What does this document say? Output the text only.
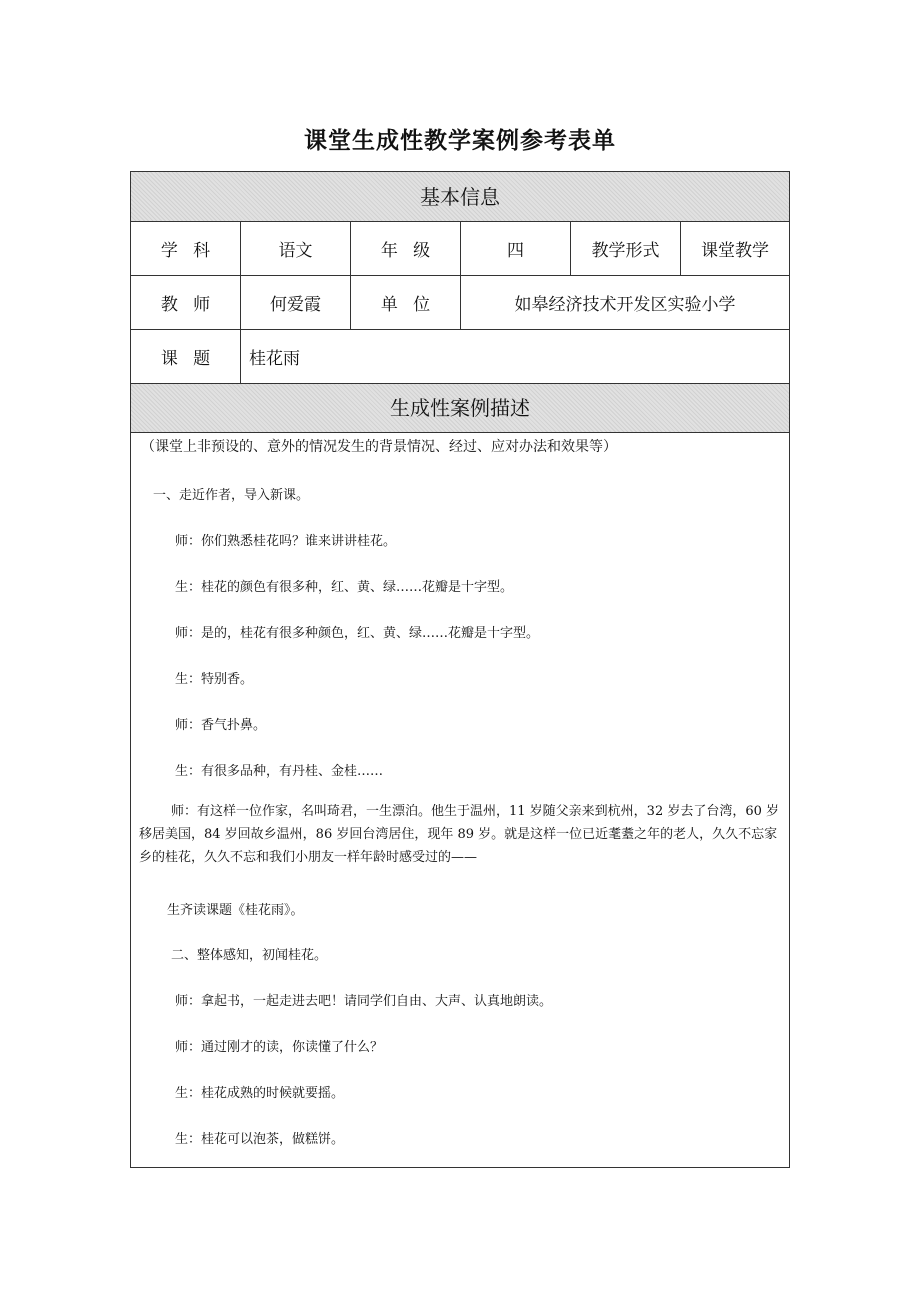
课堂生成性教学案例参考表单
基本信息
学科	语文	年级	四	教学形式	课堂教学
教师	何爱霞	单位	如皋经济技术开发区实验小学
课题	桂花雨
生成性案例描述

（课堂上非预设的、意外的情况发生的背景情况、经过、应对办法和效果等）

一、走近作者，导入新课。

师：你们熟悉桂花吗？谁来讲讲桂花。

生：桂花的颜色有很多种，红、黄、绿……花瓣是十字型。

师：是的，桂花有很多种颜色，红、黄、绿……花瓣是十字型。

生：特别香。

师：香气扑鼻。

生：有很多品种，有丹桂、金桂……

师：有这样一位作家，名叫琦君，一生漂泊。他生于温州，11 岁随父亲来到杭州，32 岁去了台湾，60 岁移居美国，84 岁回故乡温州，86 岁回台湾居住，现年 89 岁。就是这样一位已近耄耋之年的老人，久久不忘家乡的桂花，久久不忘和我们小朋友一样年龄时感受过的——

生齐读课题《桂花雨》。

二、整体感知，初闻桂花。

师：拿起书，一起走进去吧！请同学们自由、大声、认真地朗读。

师：通过刚才的读，你读懂了什么？

生：桂花成熟的时候就要摇。

生：桂花可以泡茶，做糕饼。
